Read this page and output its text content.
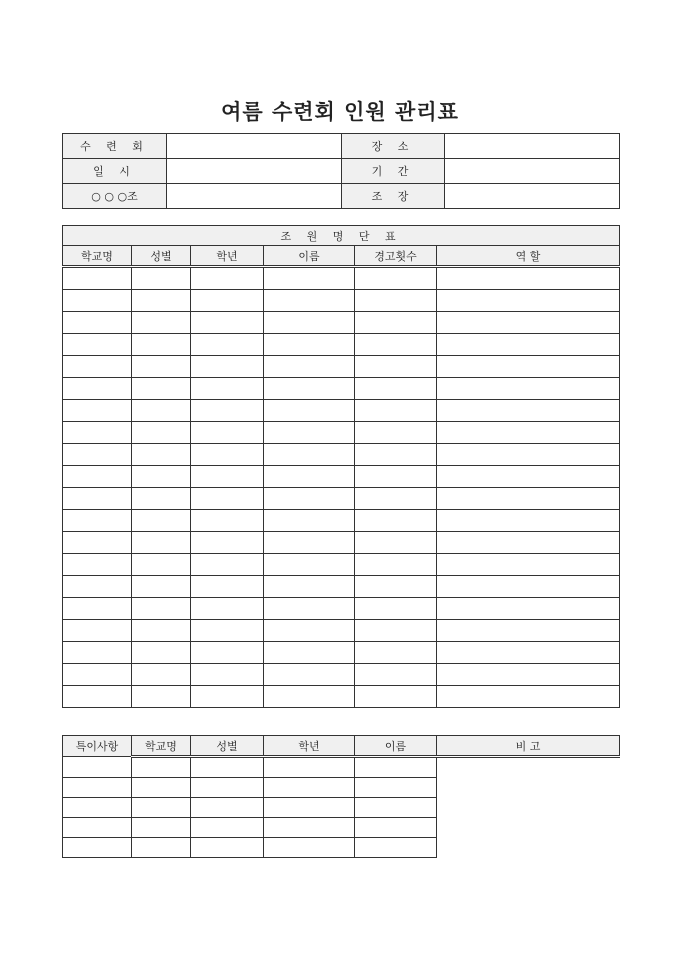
여름 수련회 인원 관리표
수 련 회		장 소	
일 시		기 간	
○ ○ ○조		조 장	
조 원 명 단 표					
학교명	성별	학년	이름	경고횟수	역 할

특이사항	학교명	성별	학년	이름	비 고
